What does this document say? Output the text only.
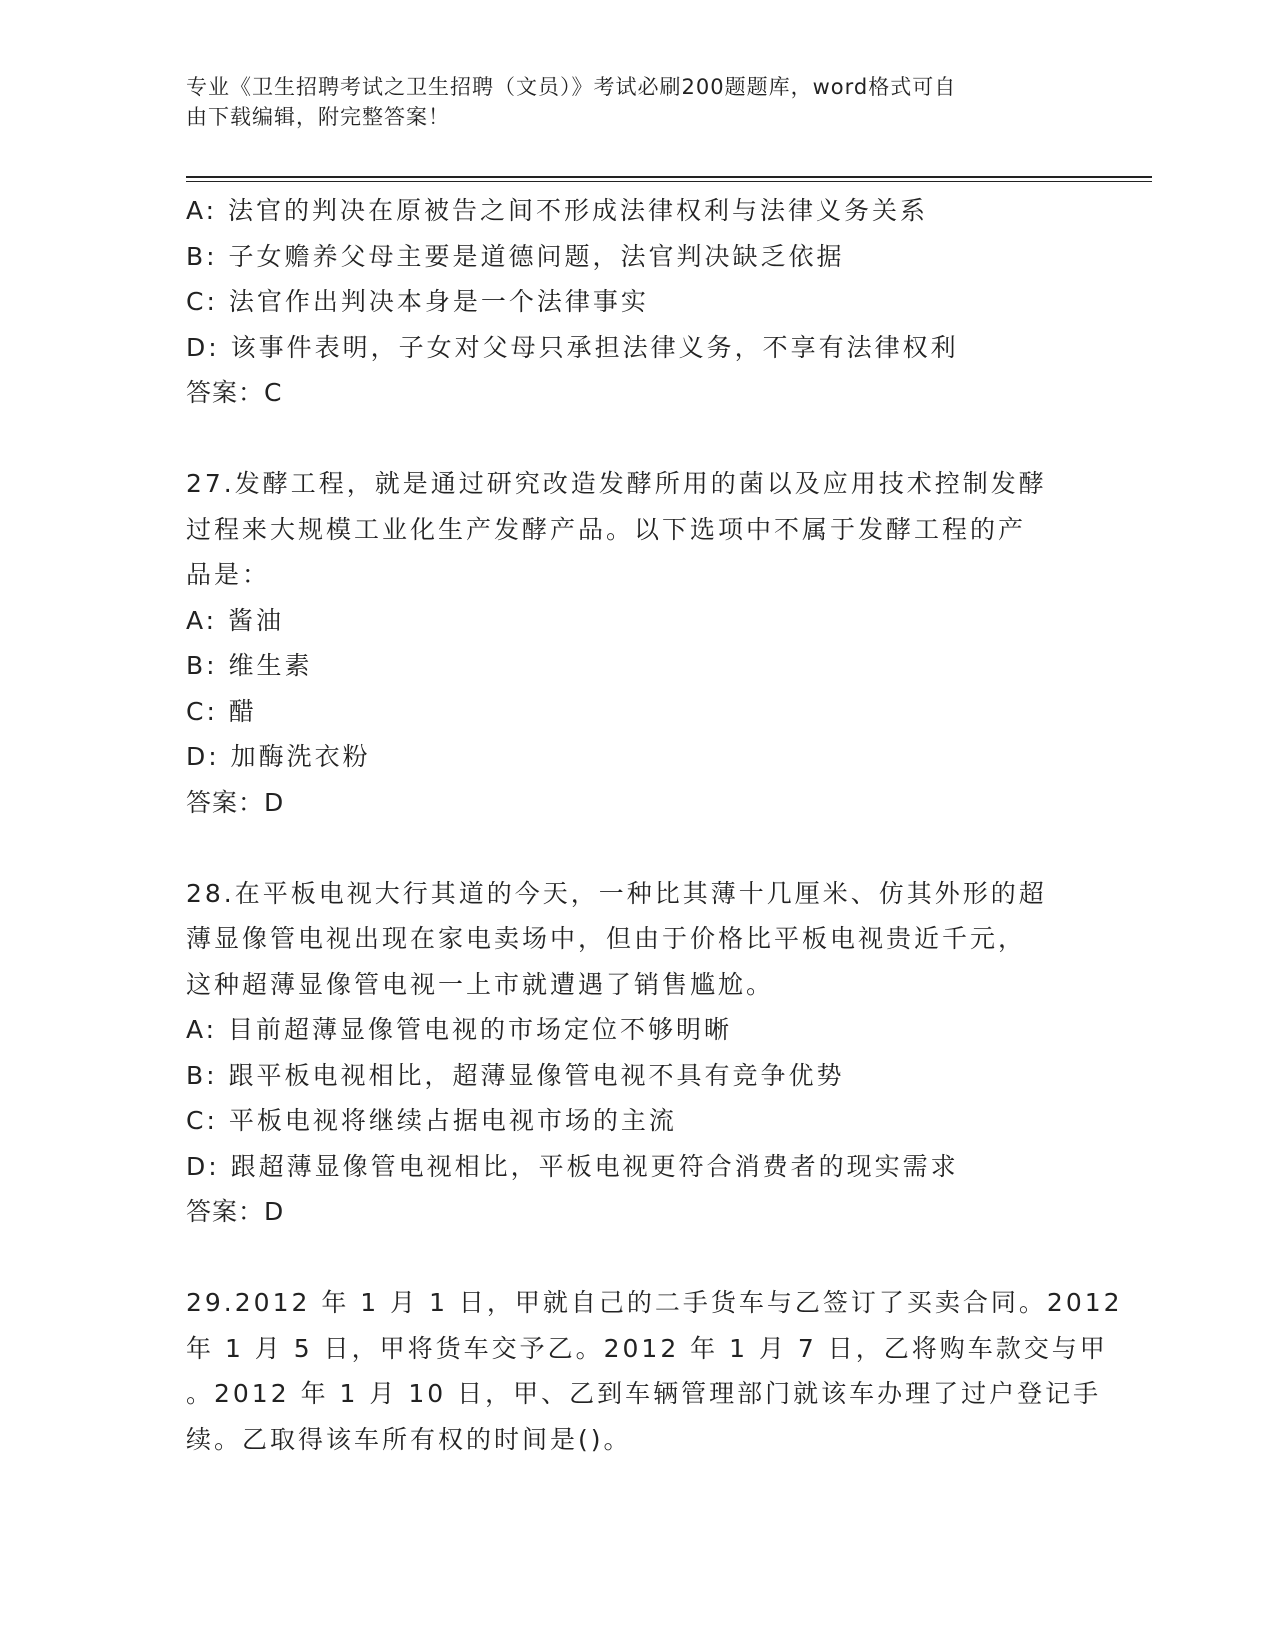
专业《卫生招聘考试之卫生招聘（文员）》考试必刷200题题库，word格式可自
由下载编辑，附完整答案！
A: 法官的判决在原被告之间不形成法律权利与法律义务关系
B: 子女赡养父母主要是道德问题，法官判决缺乏依据
C: 法官作出判决本身是一个法律事实
D: 该事件表明，子女对父母只承担法律义务，不享有法律权利
答案：C
27.发酵工程，就是通过研究改造发酵所用的菌以及应用技术控制发酵
过程来大规模工业化生产发酵产品。以下选项中不属于发酵工程的产
品是：
A: 酱油
B: 维生素
C: 醋
D: 加酶洗衣粉
答案：D
28.在平板电视大行其道的今天，一种比其薄十几厘米、仿其外形的超
薄显像管电视出现在家电卖场中，但由于价格比平板电视贵近千元，
这种超薄显像管电视一上市就遭遇了销售尴尬。
A: 目前超薄显像管电视的市场定位不够明晰
B: 跟平板电视相比，超薄显像管电视不具有竞争优势
C: 平板电视将继续占据电视市场的主流
D: 跟超薄显像管电视相比，平板电视更符合消费者的现实需求
答案：D
29.2012 年 1 月 1 日，甲就自己的二手货车与乙签订了买卖合同。2012
年 1 月 5 日，甲将货车交予乙。2012 年 1 月 7 日，乙将购车款交与甲
。2012 年 1 月 10 日，甲、乙到车辆管理部门就该车办理了过户登记手
续。乙取得该车所有权的时间是()。
